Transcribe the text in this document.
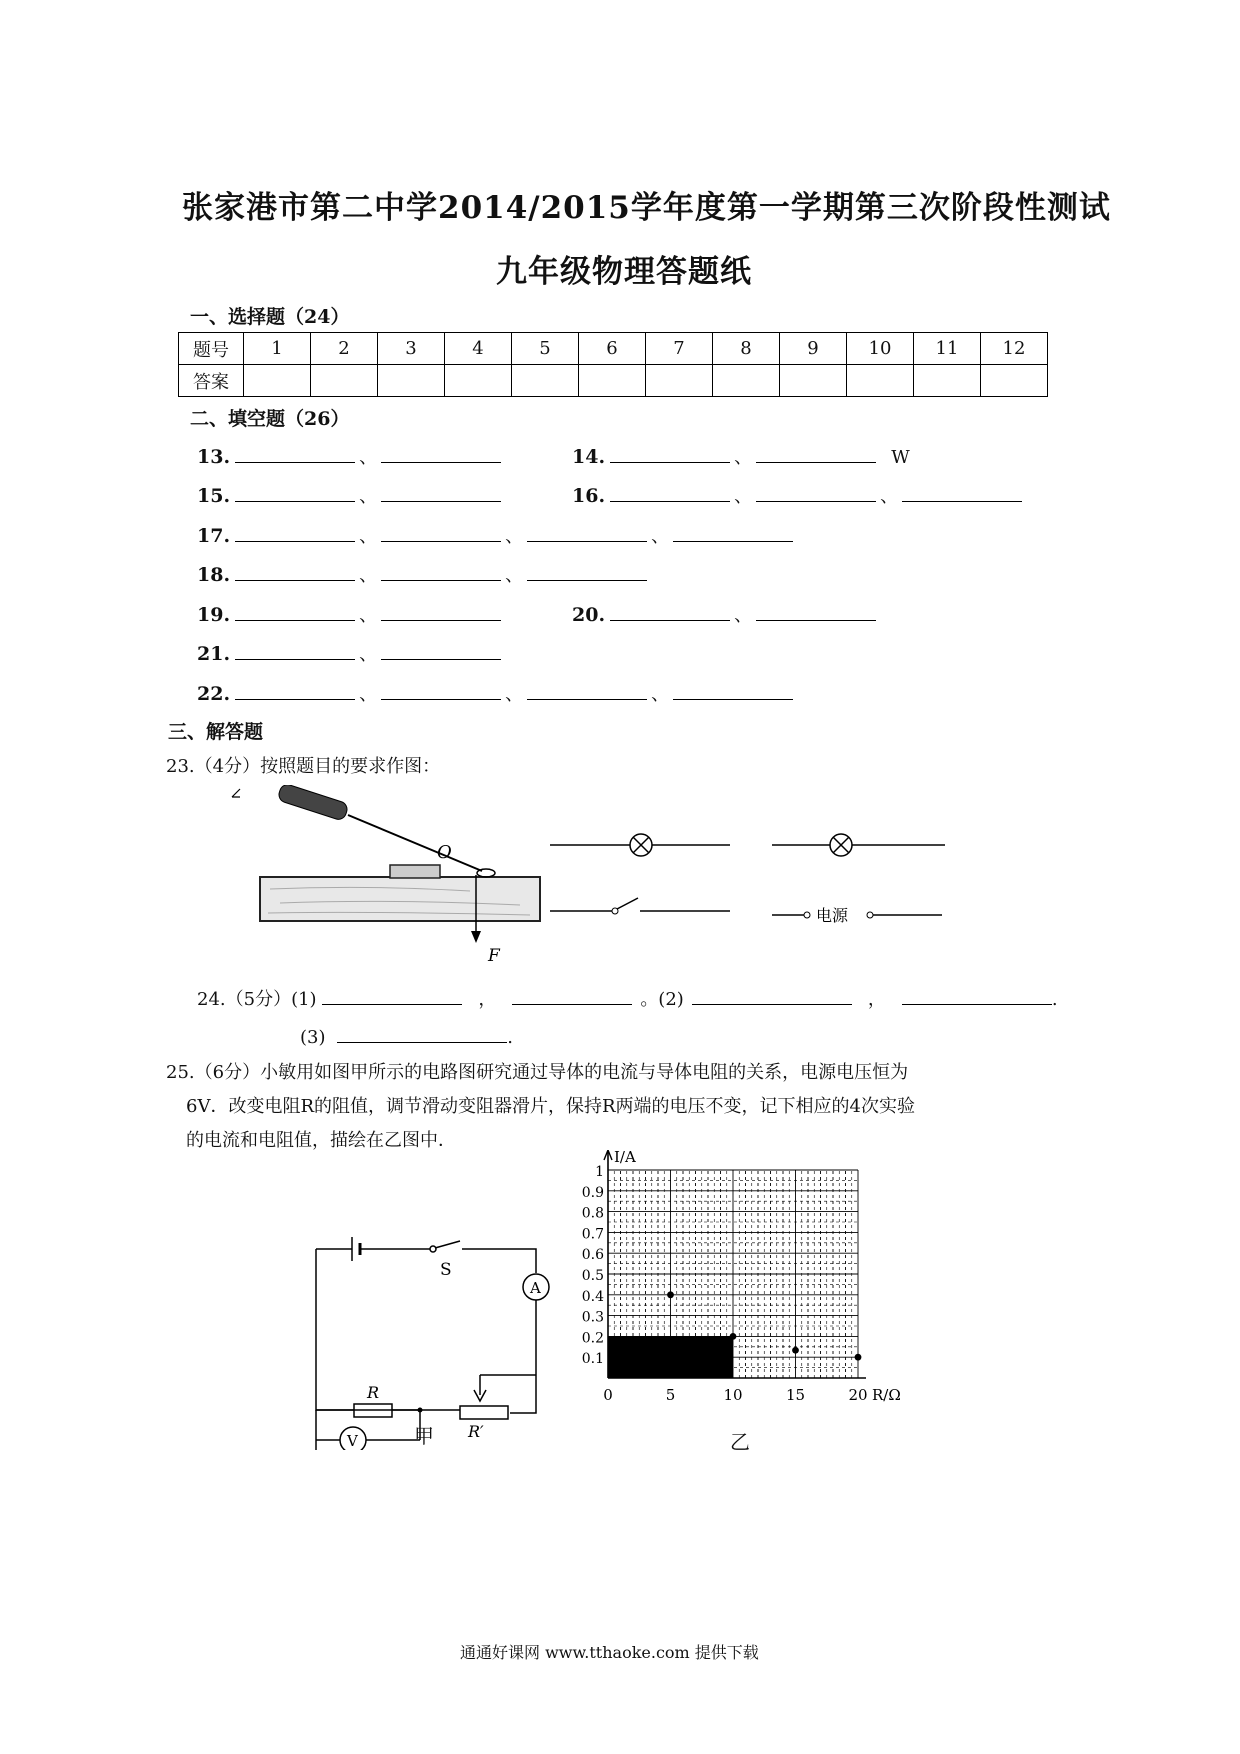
张家港市第二中学2014/2015学年度第一学期第三次阶段性测试
九年级物理答题纸
一、选择题（24）
题号	1	2	3	4	5	6	7	8	9	10	11	12
答案												
二、填空题（26）
13.	、	14.	、	W
15.	、	16.	、	、
17.	、	、	、
18.	、	、
19.	、	20.	、
21.	、
22.	、	、	、
三、解答题
23.（4分）按照题目的要求作图：
O
F
电源
24.（5分）(1)	，	。(2)	，	.
(3)	.
25.（6分）小敏用如图甲所示的电路图研究通过导体的电流与导体电阻的关系，电源电压恒为
6V．改变电阻R的阻值，调节滑动变阻器滑片，保持R两端的电压不变，记下相应的4次实验
的电流和电阻值，描绘在乙图中．
S
A
R
R′
V	甲
0.1
0.2
0.3
0.4
0.5
0.6
0.7
0.8
0.9
1
0	5	10	15	20
I/A
R/Ω
乙
通通好课网 www.tthaoke.com 提供下载
